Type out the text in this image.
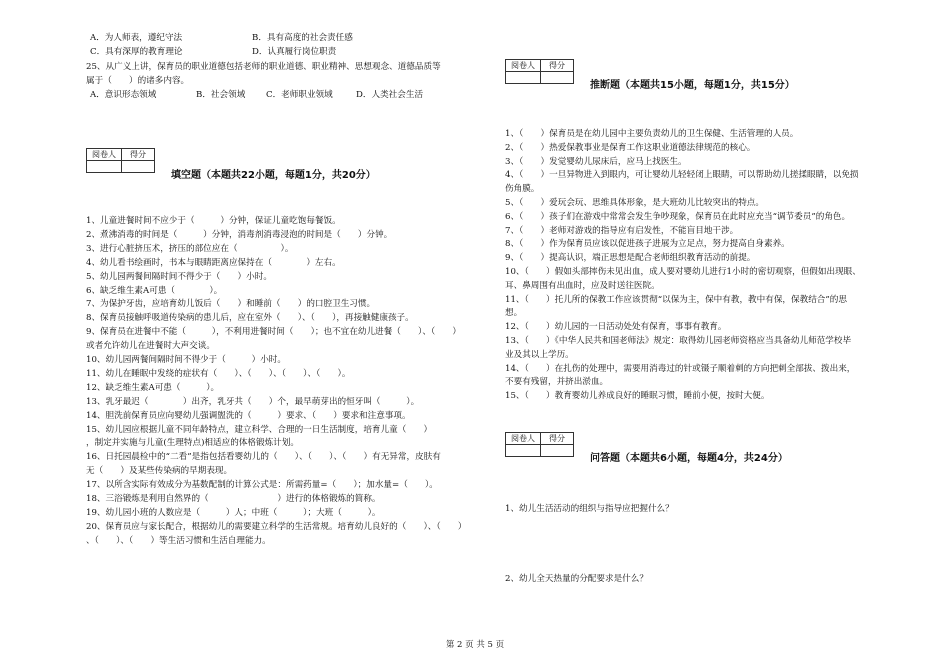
A．为人师表，遵纪守法	B．具有高度的社会责任感
C．具有深厚的教育理论	D．认真履行岗位职责
25、从广义上讲，保育员的职业道德包括老师的职业道德、职业精神、思想观念、道德品质等
属于（　　）的诸多内容。
A．意识形态领域	B．社会领域 C．老师职业领域	D．人类社会生活
阅卷人	得分

填空题（本题共22小题，每题1分，共20分）
1、儿童进餐时间不应少于（　　　）分钟，保证儿童吃饱每餐饭。
2、煮沸消毒的时间是（　　　）分钟，消毒剂消毒浸泡的时间是（　　）分钟。
3、进行心脏挤压术，挤压的部位应在（　　　　　）。
4、幼儿看书绘画时，书本与眼睛距离应保持在（　　　　）左右。
5、幼儿园两餐间隔时间不得少于（　　）小时。
6、缺乏维生素A可患（　　　　）。
7、为保护牙齿，应培育幼儿饭后（　　）和睡前（　　）的口腔卫生习惯。
8、保育员接触呼吸道传染病的患儿后，应在室外（　　）、（　　），再接触健康孩子。
9、保育员在进餐中不能（　　　），不利用进餐时间（　　）；也不宜在幼儿进餐（　　）、（　　）
或者允许幼儿在进餐时大声交谈。
10、幼儿园两餐间隔时间不得少于（　　　）小时。
11、幼儿在睡眠中发绕的症状有（　　）、（　　）、（　　）、（　　）。
12、缺乏维生素A可患（　　　）。
13、乳牙最迟（　　　　）出齐，乳牙共（　　）个，最早萌芽出的恒牙叫（　　　）。
14、胆洗前保育员应向婴幼儿强调盥洗的（　　　）要求、（　　）要求和注意事项。
15、幼儿园应根据儿童不同年龄特点，建立科学、合理的一日生活制度，培育儿童（　　）
，制定并实施与儿童(生理特点)相适应的体格锻炼计划。
16、日托园晨检中的“二看”是指包括看婴幼儿的（　　）、（　　）、（　　）有无异常，皮肤有
无（　　）及某些传染病的早期表现。
17、以所含实际有效成分为基数配制的计算公式是：所需药量=（　　）；加水量=（　　）。
18、三浴锻炼是利用自然界的（　　　　　　　　）进行的体格锻炼的简称。
19、幼儿园小班的人数应是（　　　）人；中班（　　　）；大班（　　　）。
20、保育员应与家长配合，根据幼儿的需要建立科学的生活常规。培育幼儿良好的（　　）、（　　）
、（　　）、（　　）等生活习惯和生活自理能力。
阅卷人	得分

推断题（本题共15小题，每题1分，共15分）
1、（　　）保育员是在幼儿园中主要负责幼儿的卫生保健、生活管理的人员。
2、（　　）热爱保教事业是保育工作这职业道德法律规范的核心。
3、（　　）发觉婴幼儿尿床后，应马上找医生。
4、（　　）一旦异物进入到眼内，可让婴幼儿轻轻闭上眼睛，可以帮助幼儿搓揉眼睛，以免损
伤角膜。
5、（　　）爱玩会玩、思维具体形象，是大班幼儿比较突出的特点。
6、（　　）孩子们在游戏中常常会发生争吵现象，保育员在此时应充当“调节委员”的角色。
7、（　　）老师对游戏的指导应有启发性，不能盲目地干涉。
8、（　　）作为保育员应该以促进孩子进展为立足点，努力提高自身素养。
9、（　　）提高认识，端正思想是配合老师组织教育活动的前提。
10、（　　）假如头部摔伤未见出血，成人要对婴幼儿进行1小时的密切观察，但假如出现眼、
耳、鼻周围有出血时，应及时送往医院。
11、（　　）托儿所的保教工作应该贯彻“以保为主，保中有教，教中有保，保教结合”的思
想。
12、（　　）幼儿园的一日活动处处有保育，事事有教育。
13、（　　）《中华人民共和国老师法》规定：取得幼儿园老师资格应当具备幼儿师范学校毕
业及其以上学历。
14、（　　）在扎伤的处理中，需要用消毒过的针或镊子顺着刺的方向把刺全部拔、拨出来，
不要有残留，并挤出淤血。
15、（　　）教育婴幼儿养成良好的睡眠习惯，睡前小便，按时大便。
阅卷人	得分

问答题（本题共6小题，每题4分，共24分）
1、幼儿生活活动的组织与指导应把握什么？
2、幼儿全天热量的分配要求是什么？
第 2 页 共 5 页
